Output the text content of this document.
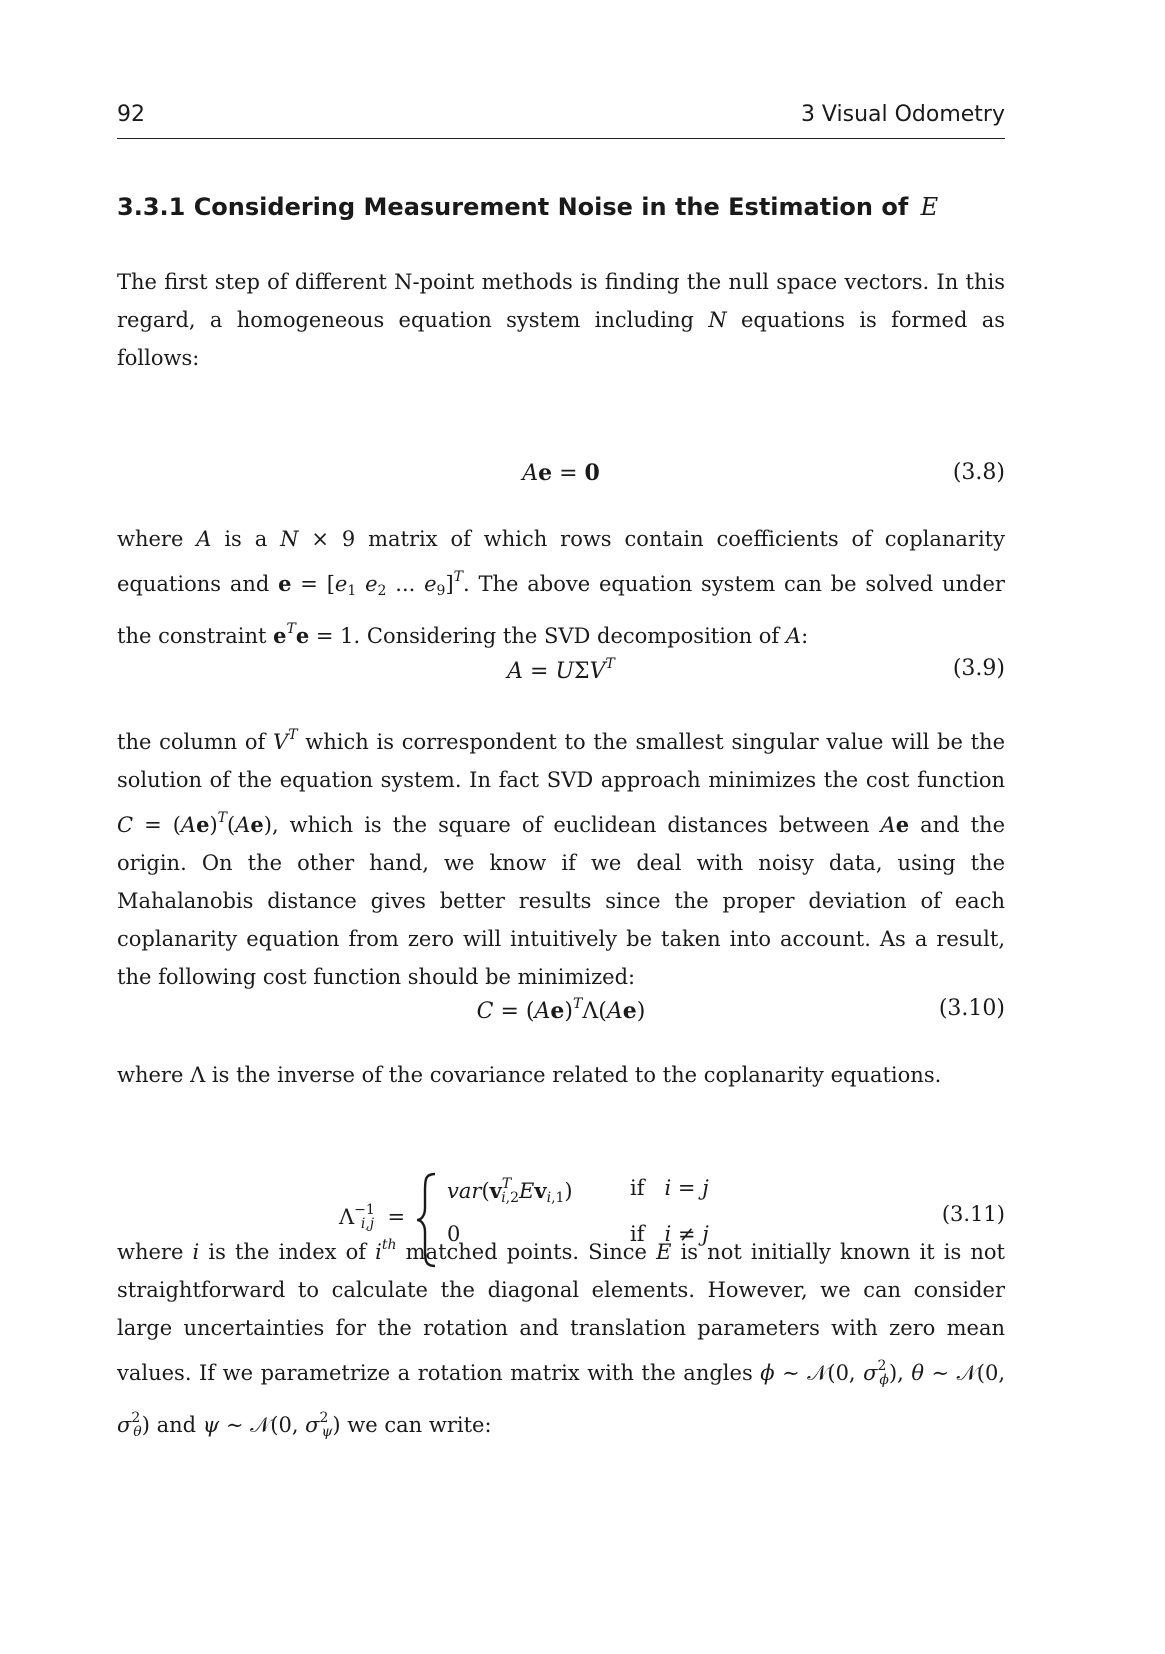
92	3 Visual Odometry
3.3.1 Considering Measurement Noise in the Estimation of E
The first step of different N-point methods is finding the null space vectors. In this regard, a homogeneous equation system including N equations is formed as follows:
Ae = 0	(3.8)
where A is a N × 9 matrix of which rows contain coefficients of coplanarity equations and $e = [e_1$ $e_2$ ... $e_9]^T$. The above equation system can be solved under the constraint $e^Te = 1$. Considering the SVD decomposition of A:
$A = U\Sigma V^T$	(3.9)
the column of $V^T$ which is correspondent to the smallest singular value will be the solution of the equation system. In fact SVD approach minimizes the cost function $C = (Ae)^T(Ae)$, which is the square of euclidean distances between Ae and the origin. On the other hand, we know if we deal with noisy data, using the Mahalanobis distance gives better results since the proper deviation of each coplanarity equation from zero will intuitively be taken into account. As a result, the following cost function should be minimized:
$C = (Ae)^T\Lambda(Ae)$	(3.10)
where Λ is the inverse of the covariance related to the coplanarity equations.
$\Lambda^{-1}_{i,j}$  =
$var(v^T_{i,2}Ev_{i,1})$	if i = j
0	if i ≠ j
(3.11)
where i is the index of $i^{th}$ matched points. Since E is not initially known it is not straightforward to calculate the diagonal elements. However, we can consider large uncertainties for the rotation and translation parameters with zero mean values. If we parametrize a rotation matrix with the angles ϕ ∼ 𝒩(0, $\sigma^2_\phi$), θ ∼ 𝒩(0, $\sigma^2_\theta$) and ψ ∼ 𝒩(0, $\sigma^2_\psi$) we can write:
